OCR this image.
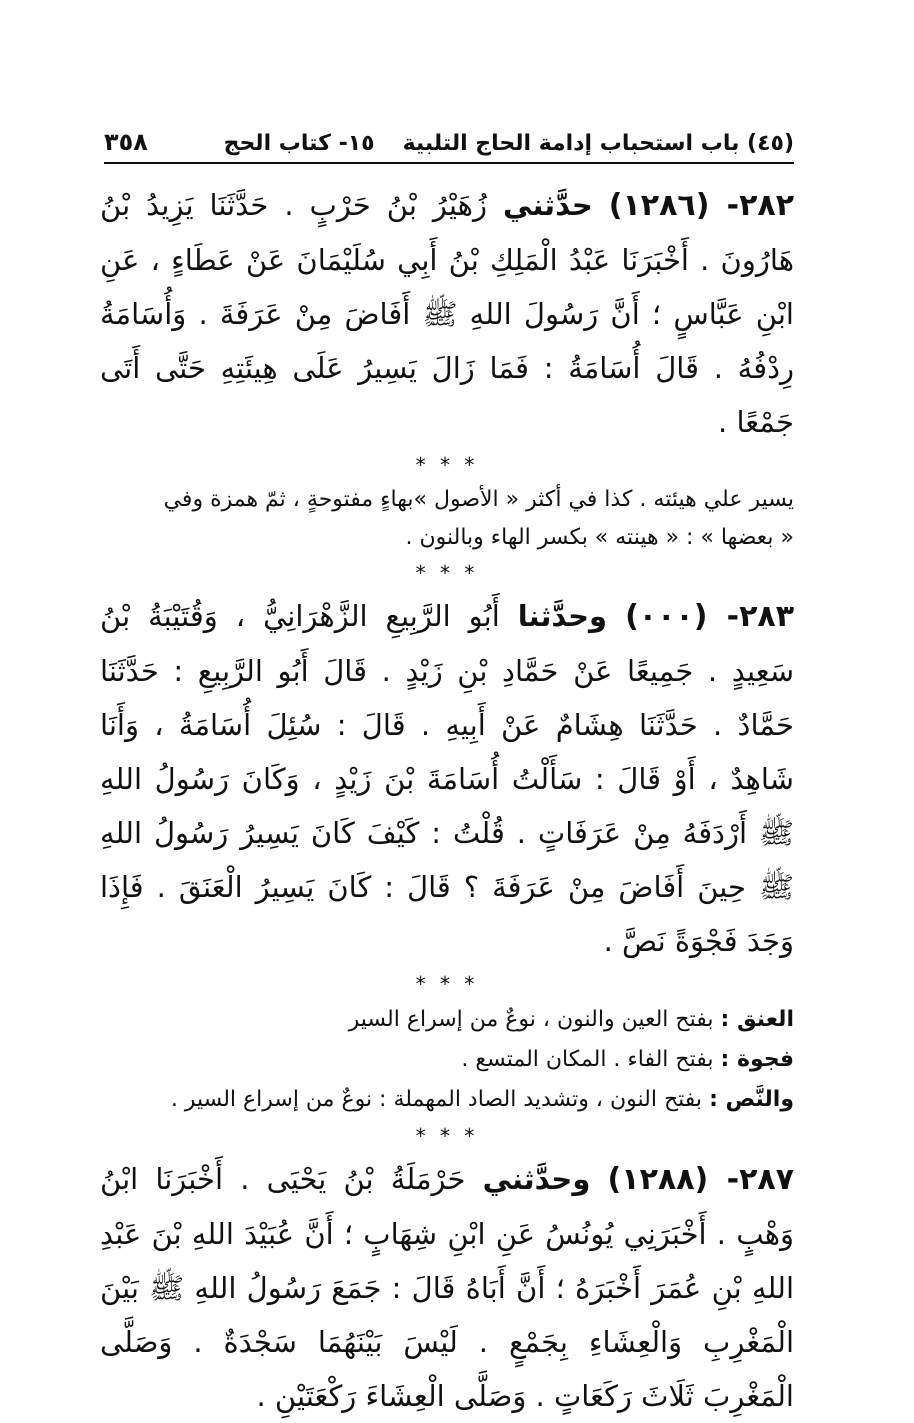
(٤٥) باب استحباب إدامة الحاج التلبية
١٥- كتاب الحج
٣٥٨

٢٨٢- (١٢٨٦) حدَّثني زُهَيْرُ بْنُ حَرْبٍ . حَدَّثَنَا يَزِيدُ بْنُ هَارُونَ . أَخْبَرَنَا عَبْدُ الْمَلِكِ بْنُ أَبِي سُلَيْمَانَ عَنْ عَطَاءٍ ، عَنِ ابْنِ عَبَّاسٍ ؛ أَنَّ رَسُولَ اللهِ ﷺ أَفَاضَ مِنْ عَرَفَةَ . وَأُسَامَةُ رِدْفُهُ . قَالَ أُسَامَةُ : فَمَا زَالَ يَسِيرُ عَلَى هِيئَتِهِ حَتَّى أَتَى جَمْعًا .

* * *

يسير علي هيئته . كذا في أكثر « الأصول »بهاءٍ مفتوحةٍ ، ثمّ همزة وفي
« بعضها » : « هينته » بكسر الهاء وبالنون .

* * *

٢٨٣- (٠٠٠) وحدَّثنا أَبُو الرَّبِيعِ الزَّهْرَانِيُّ ، وَقُتَيْبَةُ بْنُ سَعِيدٍ . جَمِيعًا عَنْ حَمَّادِ بْنِ زَيْدٍ . قَالَ أَبُو الرَّبِيعِ : حَدَّثَنَا حَمَّادٌ . حَدَّثَنَا هِشَامٌ عَنْ أَبِيهِ . قَالَ : سُئِلَ أُسَامَةُ ، وَأَنَا شَاهِدٌ ، أَوْ قَالَ : سَأَلْتُ أُسَامَةَ بْنَ زَيْدٍ ، وَكَانَ رَسُولُ اللهِ ﷺ أَرْدَفَهُ مِنْ عَرَفَاتٍ . قُلْتُ : كَيْفَ كَانَ يَسِيرُ رَسُولُ اللهِ ﷺ حِينَ أَفَاضَ مِنْ عَرَفَةَ ؟ قَالَ : كَانَ يَسِيرُ الْعَنَقَ . فَإِذَا وَجَدَ فَجْوَةً نَصَّ .

* * *
العنق : بفتح العين والنون ، نوعٌ من إسراع السير
فجوة : بفتح الفاء . المكان المتسع .
والنَّص : بفتح النون ، وتشديد الصاد المهملة : نوعٌ من إسراع السير .
* * *

٢٨٧- (١٢٨٨) وحدَّثني حَرْمَلَةُ بْنُ يَحْيَى . أَخْبَرَنَا ابْنُ وَهْبٍ . أَخْبَرَنِي يُونُسُ عَنِ ابْنِ شِهَابٍ ؛ أَنَّ عُبَيْدَ اللهِ بْنَ عَبْدِ اللهِ بْنِ عُمَرَ أَخْبَرَهُ ؛ أَنَّ أَبَاهُ قَالَ : جَمَعَ رَسُولُ اللهِ ﷺ بَيْنَ الْمَغْرِبِ وَالْعِشَاءِ بِجَمْعٍ . لَيْسَ بَيْنَهُمَا سَجْدَةٌ . وَصَلَّى الْمَغْرِبَ ثَلَاثَ رَكَعَاتٍ . وَصَلَّى الْعِشَاءَ رَكْعَتَيْنِ .
